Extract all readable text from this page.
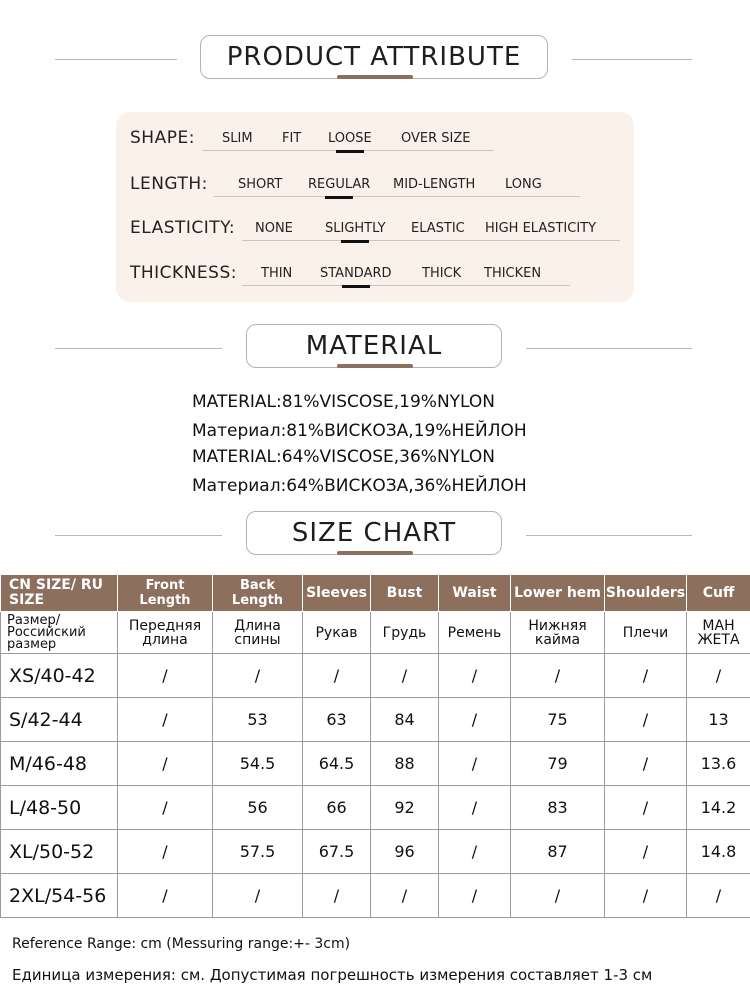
PRODUCT ATTRIBUTE
SHAPE: SLIM FIT LOOSE OVER SIZE
LENGTH: SHORT REGULAR MID-LENGTH LONG
ELASTICITY: NONE SLIGHTLY ELASTIC HIGH ELASTICITY
THICKNESS: THIN STANDARD THICK THICKEN
MATERIAL
MATERIAL:81%VISCOSE,19%NYLON
Материал:81%ВИСКОЗА,19%НЕЙЛОН
MATERIAL:64%VISCOSE,36%NYLON
Материал:64%ВИСКОЗА,36%НЕЙЛОН
SIZE CHART
CN SIZE/ RU SIZE	Front Length	Back Length	Sleeves	Bust	Waist	Lower hem	Shoulders	Cuff
Размер/ Российский размер	Передняя длина	Длина спины	Рукав	Грудь	Ремень	Нижняя кайма	Плечи	МАН ЖЕТА
XS/40-42	/	/	/	/	/	/	/	/
S/42-44	/	53	63	84	/	75	/	13
M/46-48	/	54.5	64.5	88	/	79	/	13.6
L/48-50	/	56	66	92	/	83	/	14.2
XL/50-52	/	57.5	67.5	96	/	87	/	14.8
2XL/54-56	/	/	/	/	/	/	/	/
Reference Range: cm (Messuring range:+- 3cm)
Единица измерения: см. Допустимая погрешность измерения составляет 1-3 см
